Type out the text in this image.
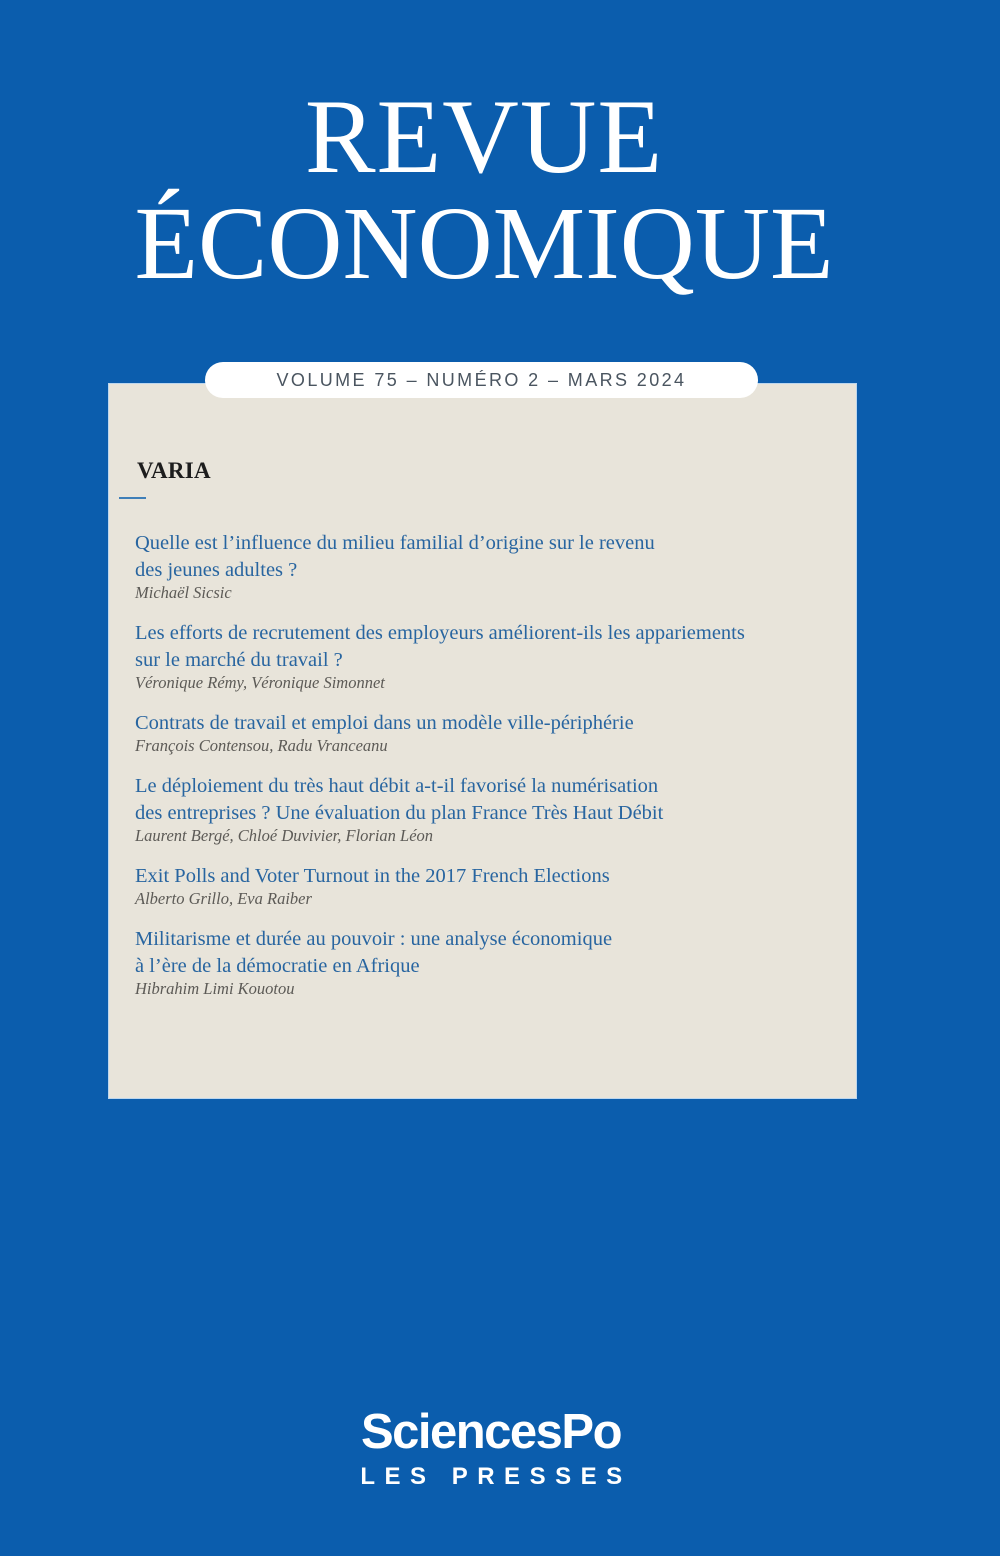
REVUE
ÉCONOMIQUE
VOLUME 75 – NUMÉRO 2 – MARS 2024
VARIA
Quelle est l’influence du milieu familial d’origine sur le revenu
des jeunes adultes ?
Michaël Sicsic
Les efforts de recrutement des employeurs améliorent-ils les appariements
sur le marché du travail ?
Véronique Rémy, Véronique Simonnet
Contrats de travail et emploi dans un modèle ville-périphérie
François Contensou, Radu Vranceanu
Le déploiement du très haut débit a-t-il favorisé la numérisation
des entreprises ? Une évaluation du plan France Très Haut Débit
Laurent Bergé, Chloé Duvivier, Florian Léon
Exit Polls and Voter Turnout in the 2017 French Elections
Alberto Grillo, Eva Raiber
Militarisme et durée au pouvoir : une analyse économique
à l’ère de la démocratie en Afrique
Hibrahim Limi Kouotou
SciencesPo
LES PRESSES
